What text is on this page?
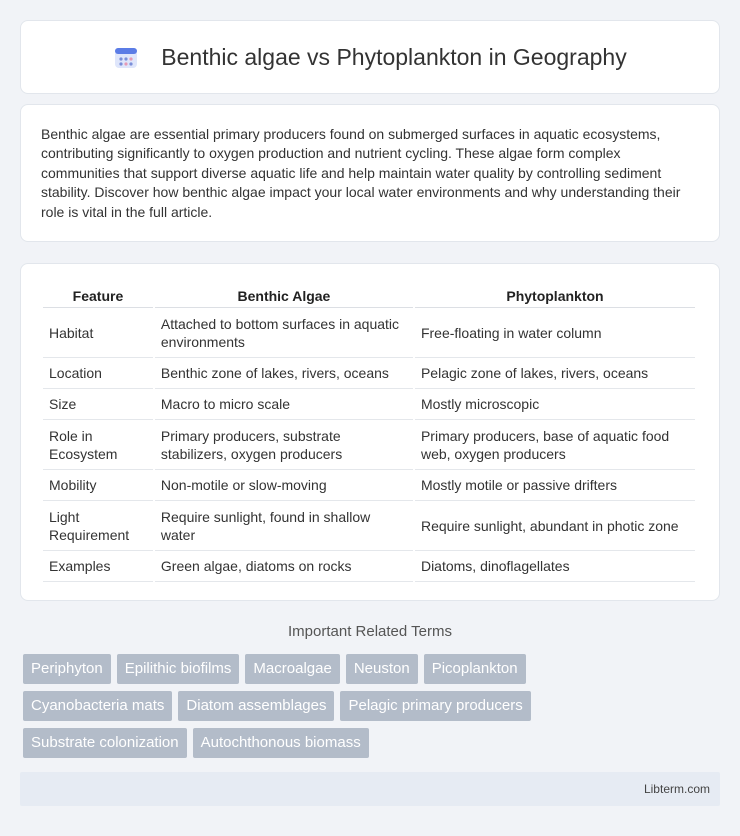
Benthic algae vs Phytoplankton in Geography

Benthic algae are essential primary producers found on submerged surfaces in aquatic ecosystems, contributing significantly to oxygen production and nutrient cycling. These algae form complex communities that support diverse aquatic life and help maintain water quality by controlling sediment stability. Discover how benthic algae impact your local water environments and why understanding their role is vital in the full article.

Feature	Benthic Algae	Phytoplankton
Habitat	Attached to bottom surfaces in aquatic environments	Free-floating in water column
Location	Benthic zone of lakes, rivers, oceans	Pelagic zone of lakes, rivers, oceans
Size	Macro to micro scale	Mostly microscopic
Role in Ecosystem	Primary producers, substrate stabilizers, oxygen producers	Primary producers, base of aquatic food web, oxygen producers
Mobility	Non-motile or slow-moving	Mostly motile or passive drifters
Light Requirement	Require sunlight, found in shallow water	Require sunlight, abundant in photic zone
Examples	Green algae, diatoms on rocks	Diatoms, dinoflagellates
Important Related Terms
Periphyton	Epilithic biofilms	Macroalgae	Neuston	Picoplankton
Cyanobacteria mats	Diatom assemblages	Pelagic primary producers
Substrate colonization	Autochthonous biomass
Libterm.com
